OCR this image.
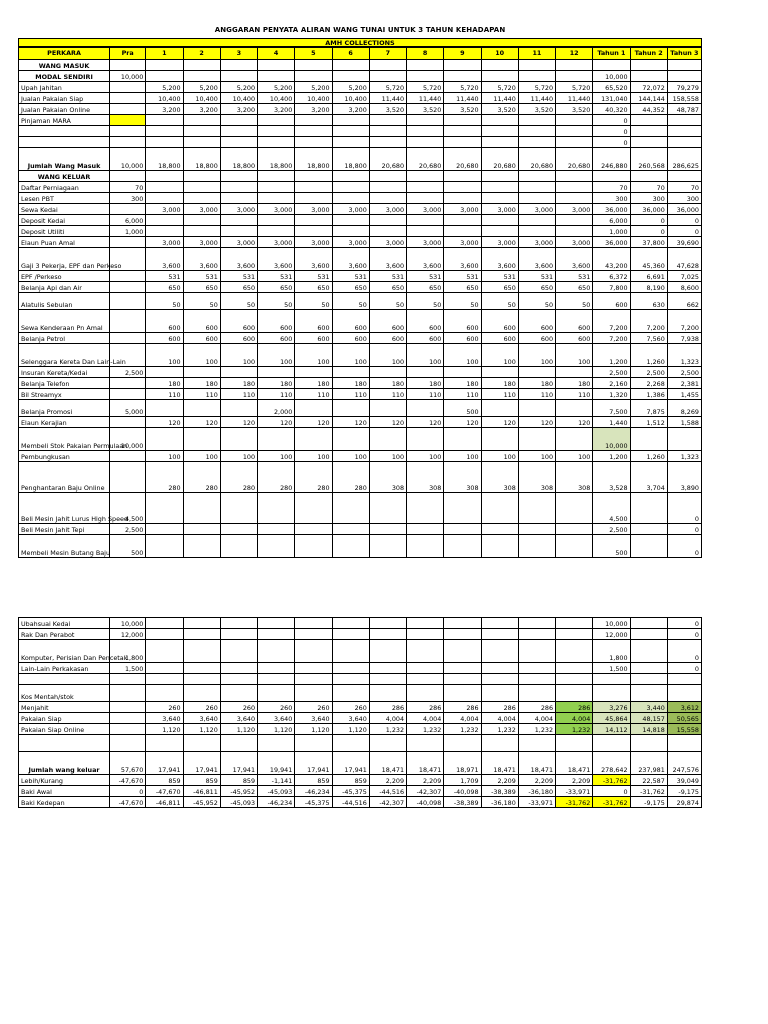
ANGGARAN PENYATA ALIRAN WANG TUNAI UNTUK 3 TAHUN KEHADAPAN
AMH COLLECTIONS
PERKARA	Pra	1	2	3	4	5	6	7	8	9	10	11	12	Tahun 1	Tahun 2	Tahun 3
WANG MASUK																
MODAL SENDIRI	10,000													10,000		
Upah Jahitan		5,200	5,200	5,200	5,200	5,200	5,200	5,720	5,720	5,720	5,720	5,720	5,720	65,520	72,072	79,279
Jualan Pakaian Siap		10,400	10,400	10,400	10,400	10,400	10,400	11,440	11,440	11,440	11,440	11,440	11,440	131,040	144,144	158,558
Jualan Pakaian Online		3,200	3,200	3,200	3,200	3,200	3,200	3,520	3,520	3,520	3,520	3,520	3,520	40,320	44,352	48,787
Pinjaman MARA														0		
														0		
														0		
Jumlah Wang Masuk	10,000	18,800	18,800	18,800	18,800	18,800	18,800	20,680	20,680	20,680	20,680	20,680	20,680	246,880	260,568	286,625
WANG KELUAR																
Daftar Perniagaan	70													70	70	70
Lesen PBT	300													300	300	300
Sewa Kedai		3,000	3,000	3,000	3,000	3,000	3,000	3,000	3,000	3,000	3,000	3,000	3,000	36,000	36,000	36,000
Deposit Kedai	6,000													6,000	0	0
Deposit Utiliti	1,000													1,000	0	0
Elaun Puan Amal		3,000	3,000	3,000	3,000	3,000	3,000	3,000	3,000	3,000	3,000	3,000	3,000	36,000	37,800	39,690
Gaji 3 Pekerja, EPF dan Perkeso		3,600	3,600	3,600	3,600	3,600	3,600	3,600	3,600	3,600	3,600	3,600	3,600	43,200	45,360	47,628
EPF /Perkeso		531	531	531	531	531	531	531	531	531	531	531	531	6,372	6,691	7,025
Belanja Api dan Air		650	650	650	650	650	650	650	650	650	650	650	650	7,800	8,190	8,600
Alatulis Sebulan		50	50	50	50	50	50	50	50	50	50	50	50	600	630	662
Sewa Kenderaan Pn Amal		600	600	600	600	600	600	600	600	600	600	600	600	7,200	7,200	7,200
Belanja Petrol		600	600	600	600	600	600	600	600	600	600	600	600	7,200	7,560	7,938
Selenggara Kereta Dan Lain-Lain		100	100	100	100	100	100	100	100	100	100	100	100	1,200	1,260	1,323
Insuran Kereta/Kedai	2,500													2,500	2,500	2,500
Belanja Telefon		180	180	180	180	180	180	180	180	180	180	180	180	2,160	2,268	2,381
Bil Streamyx		110	110	110	110	110	110	110	110	110	110	110	110	1,320	1,386	1,455
Belanja Promosi	5,000				2,000					500				7,500	7,875	8,269
Elaun Kerajian		120	120	120	120	120	120	120	120	120	120	120	120	1,440	1,512	1,588
Membeli Stok Pakaian Permulaan	10,000													10,000		
Pembungkusan		100	100	100	100	100	100	100	100	100	100	100	100	1,200	1,260	1,323
Penghantaran Baju Online		280	280	280	280	280	280	308	308	308	308	308	308	3,528	3,704	3,890
Beli Mesin Jahit Lurus High Speed	4,500													4,500		0
Beli Mesin Jahit Tepi	2,500													2,500		0
Membeli Mesin Butang Baju	500													500		0
Ubahsuai Kedai	10,000													10,000		0
Rak Dan Perabot	12,000													12,000		0
Komputer, Perisian Dan Pencetak	1,800													1,800		0
Lain-Lain Perkakasan	1,500													1,500		0

Kos Mentah/stok																
Menjahit		260	260	260	260	260	260	286	286	286	286	286	286	3,276	3,440	3,612
Pakaian Siap		3,640	3,640	3,640	3,640	3,640	3,640	4,004	4,004	4,004	4,004	4,004	4,004	45,864	48,157	50,565
Pakaian Siap Online		1,120	1,120	1,120	1,120	1,120	1,120	1,232	1,232	1,232	1,232	1,232	1,232	14,112	14,818	15,558

Jumlah wang keluar	57,670	17,941	17,941	17,941	19,941	17,941	17,941	18,471	18,471	18,971	18,471	18,471	18,471	278,642	237,981	247,576
Lebih/Kurang	-47,670	859	859	859	-1,141	859	859	2,209	2,209	1,709	2,209	2,209	2,209	-31,762	22,587	39,049
Baki Awal	0	-47,670	-46,811	-45,952	-45,093	-46,234	-45,375	-44,516	-42,307	-40,098	-38,389	-36,180	-33,971	0	-31,762	-9,175
Baki Kedepan	-47,670	-46,811	-45,952	-45,093	-46,234	-45,375	-44,516	-42,307	-40,098	-38,389	-36,180	-33,971	-31,762	-31,762	-9,175	29,874
